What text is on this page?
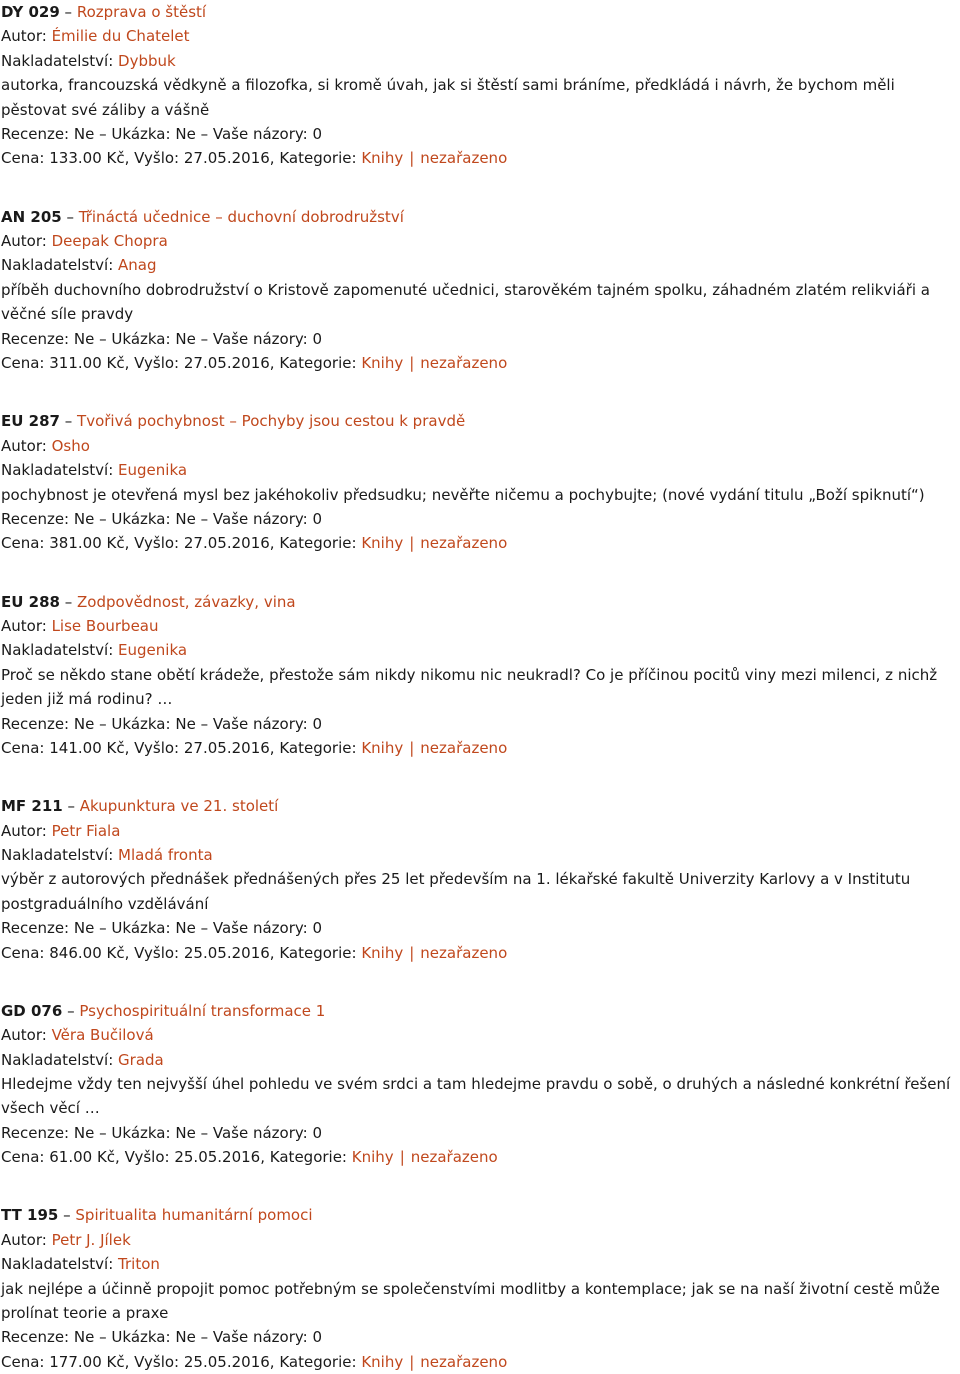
DY 029 – Rozprava o štěstí
Autor: Émilie du Chatelet
Nakladatelství: Dybbuk
autorka, francouzská vědkyně a filozofka, si kromě úvah, jak si štěstí sami bráníme, předkládá i návrh, že bychom měli pěstovat své záliby a vášně
Recenze: Ne – Ukázka: Ne – Vaše názory: 0
Cena: 133.00 Kč, Vyšlo: 27.05.2016, Kategorie: Knihy | nezařazeno
AN 205 – Třináctá učednice – duchovní dobrodružství
Autor: Deepak Chopra
Nakladatelství: Anag
příběh duchovního dobrodružství o Kristově zapomenuté učednici, starověkém tajném spolku, záhadném zlatém relikviáři a věčné síle pravdy
Recenze: Ne – Ukázka: Ne – Vaše názory: 0
Cena: 311.00 Kč, Vyšlo: 27.05.2016, Kategorie: Knihy | nezařazeno
EU 287 – Tvořivá pochybnost – Pochyby jsou cestou k pravdě
Autor: Osho
Nakladatelství: Eugenika
pochybnost je otevřená mysl bez jakéhokoliv předsudku; nevěřte ničemu a pochybujte; (nové vydání titulu „Boží spiknutí“)
Recenze: Ne – Ukázka: Ne – Vaše názory: 0
Cena: 381.00 Kč, Vyšlo: 27.05.2016, Kategorie: Knihy | nezařazeno
EU 288 – Zodpovědnost, závazky, vina
Autor: Lise Bourbeau
Nakladatelství: Eugenika
Proč se někdo stane obětí krádeže, přestože sám nikdy nikomu nic neukradl? Co je příčinou pocitů viny mezi milenci, z nichž jeden již má rodinu? …
Recenze: Ne – Ukázka: Ne – Vaše názory: 0
Cena: 141.00 Kč, Vyšlo: 27.05.2016, Kategorie: Knihy | nezařazeno
MF 211 – Akupunktura ve 21. století
Autor: Petr Fiala
Nakladatelství: Mladá fronta
výběr z autorových přednášek přednášených přes 25 let především na 1. lékařské fakultě Univerzity Karlovy a v Institutu postgraduálního vzdělávání
Recenze: Ne – Ukázka: Ne – Vaše názory: 0
Cena: 846.00 Kč, Vyšlo: 25.05.2016, Kategorie: Knihy | nezařazeno
GD 076 – Psychospirituální transformace 1
Autor: Věra Bučilová
Nakladatelství: Grada
Hledejme vždy ten nejvyšší úhel pohledu ve svém srdci a tam hledejme pravdu o sobě, o druhých a následné konkrétní řešení všech věcí …
Recenze: Ne – Ukázka: Ne – Vaše názory: 0
Cena: 61.00 Kč, Vyšlo: 25.05.2016, Kategorie: Knihy | nezařazeno
TT 195 – Spiritualita humanitární pomoci
Autor: Petr J. Jílek
Nakladatelství: Triton
jak nejlépe a účinně propojit pomoc potřebným se společenstvími modlitby a kontemplace; jak se na naší životní cestě může prolínat teorie a praxe
Recenze: Ne – Ukázka: Ne – Vaše názory: 0
Cena: 177.00 Kč, Vyšlo: 25.05.2016, Kategorie: Knihy | nezařazeno
